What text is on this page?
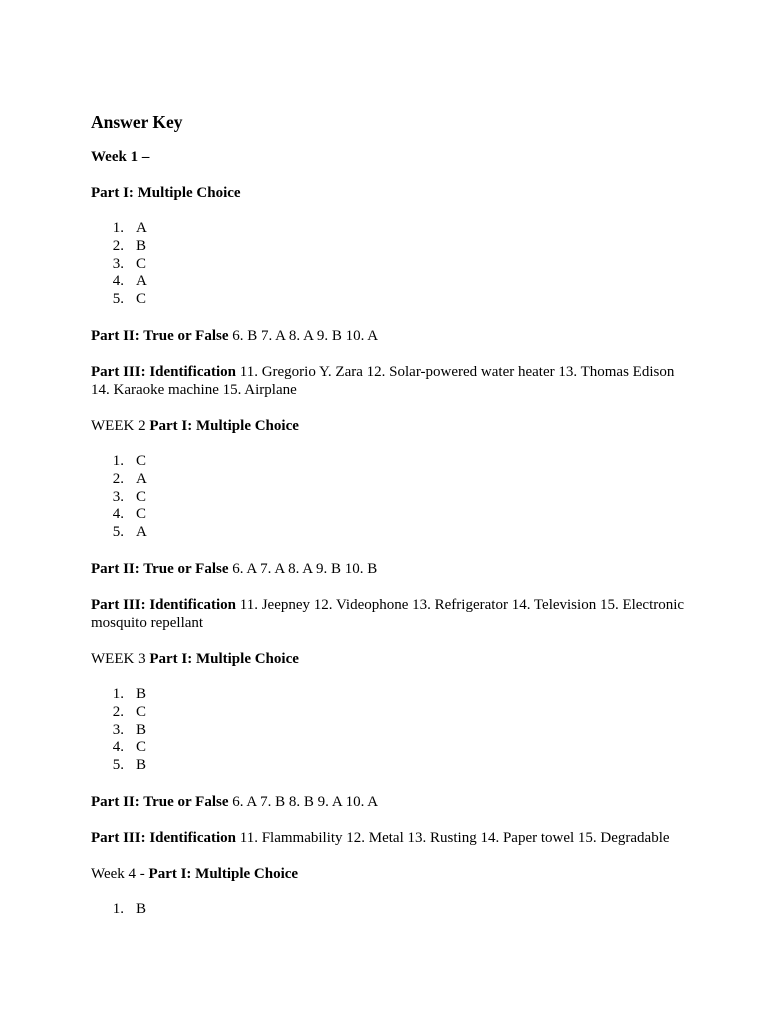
Answer Key
Week 1 –
Part I: Multiple Choice
1. A
2. B
3. C
4. A
5. C
Part II: True or False 6. B 7. A 8. A 9. B 10. A
Part III: Identification 11. Gregorio Y. Zara 12. Solar-powered water heater 13. Thomas Edison 14. Karaoke machine 15. Airplane
WEEK 2 Part I: Multiple Choice
1. C
2. A
3. C
4. C
5. A
Part II: True or False 6. A 7. A 8. A 9. B 10. B
Part III: Identification 11. Jeepney 12. Videophone 13. Refrigerator 14. Television 15. Electronic mosquito repellant
WEEK 3 Part I: Multiple Choice
1. B
2. C
3. B
4. C
5. B
Part II: True or False 6. A 7. B 8. B 9. A 10. A
Part III: Identification 11. Flammability 12. Metal 13. Rusting 14. Paper towel 15. Degradable
Week 4 - Part I: Multiple Choice
1. B
